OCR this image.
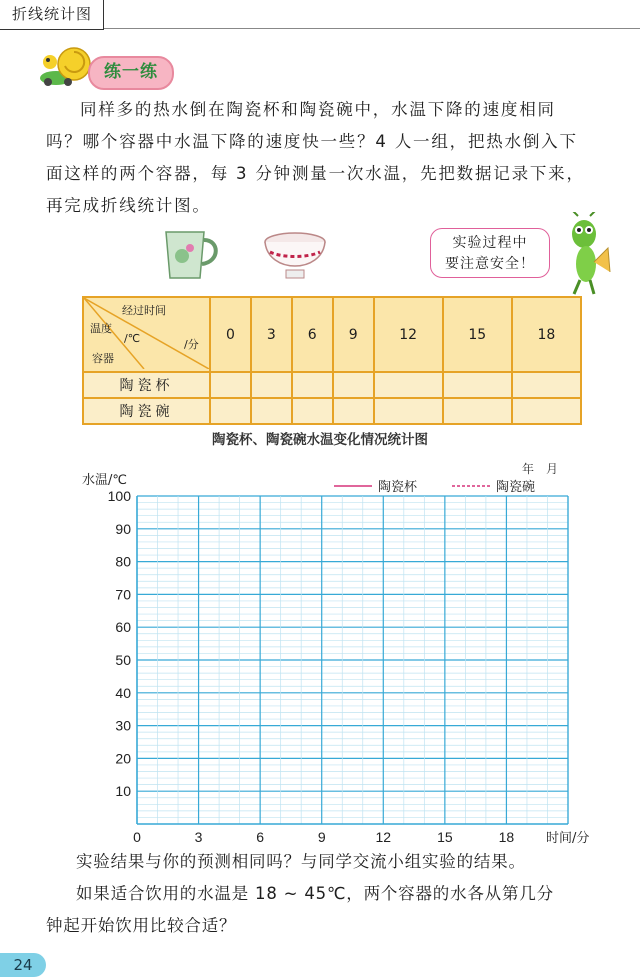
折线统计图
练一练
同样多的热水倒在陶瓷杯和陶瓷碗中，水温下降的速度相同
吗？哪个容器中水温下降的速度快一些？4 人一组，把热水倒入下
面这样的两个容器，每 3 分钟测量一次水温，先把数据记录下来，
再完成折线统计图。
实验过程中
要注意安全！
经过时间
/分
温度
/℃
容器	0	3	6	9	12	15	18
陶瓷杯							
陶瓷碗							
陶瓷杯、陶瓷碗水温变化情况统计图
年　月
10
20
30
40
50
60
70
80
90
100
0	3	6	9	12	15	18
水温/℃
时间/分
陶瓷杯	陶瓷碗
实验结果与你的预测相同吗？与同学交流小组实验的结果。
如果适合饮用的水温是 18 ~ 45℃，两个容器的水各从第几分
钟起开始饮用比较合适？
24
